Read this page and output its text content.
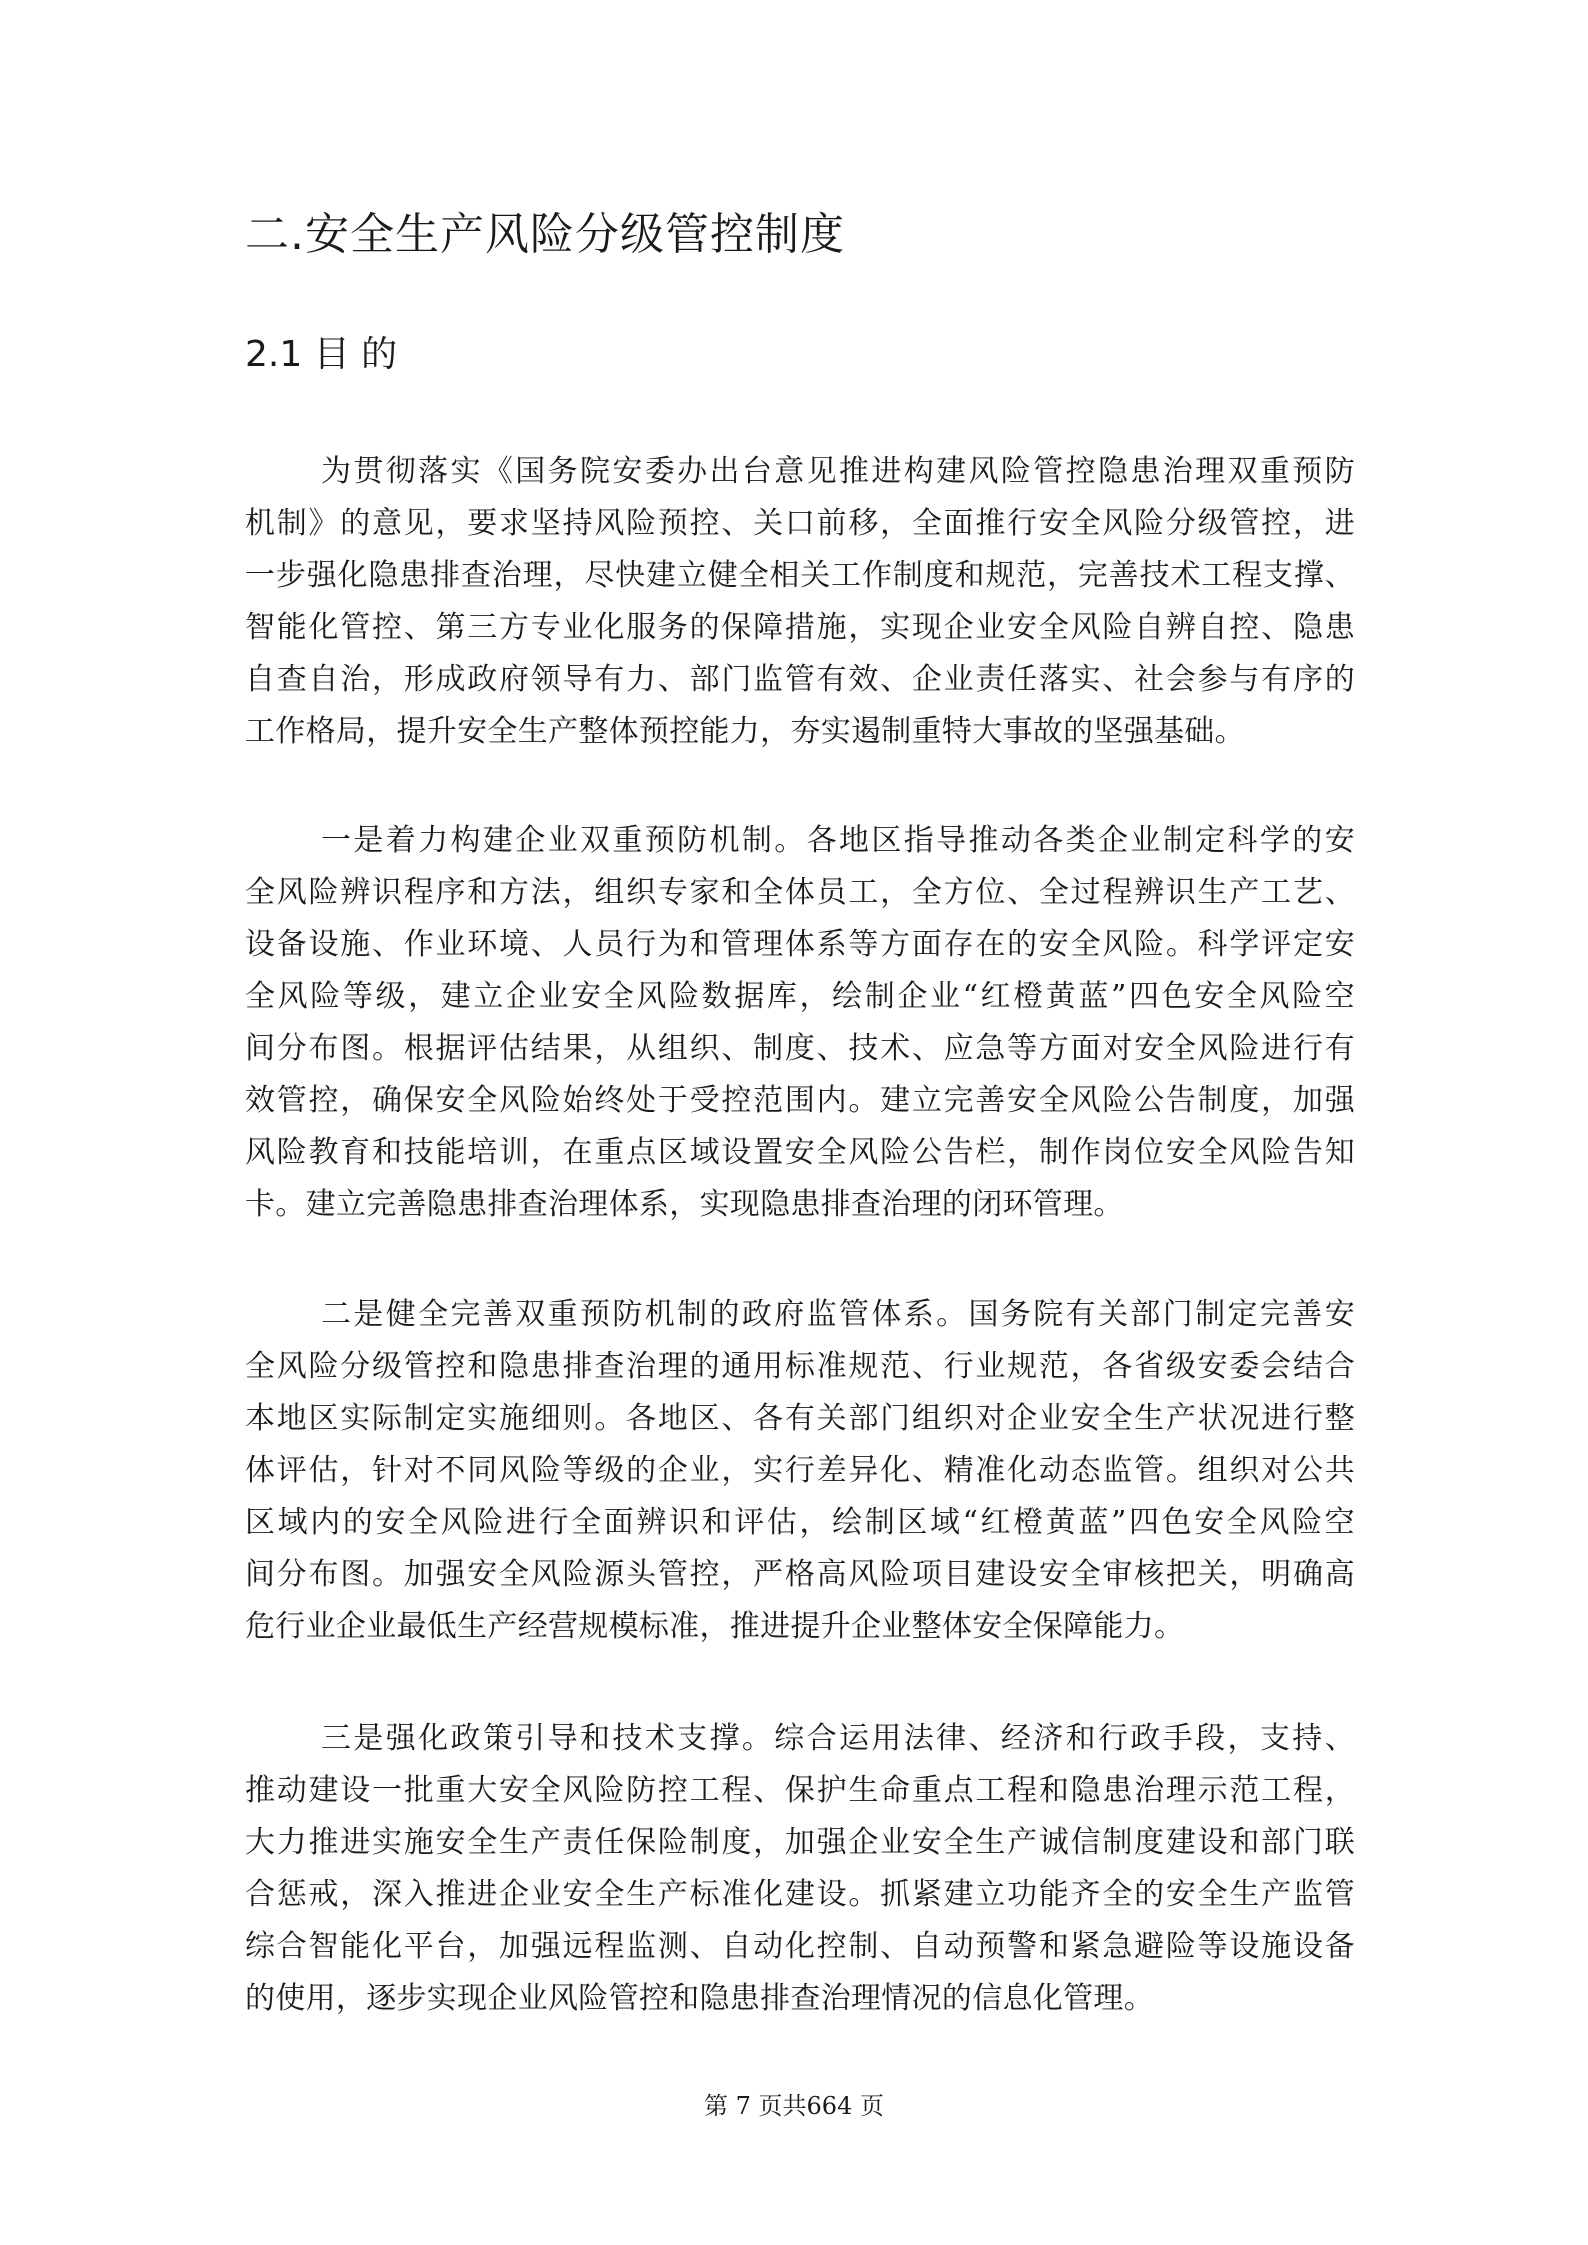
二.安全生产风险分级管控制度
2.1 目 的
为贯彻落实《国务院安委办出台意见推进构建风险管控隐患治理双重预防
机制》的意见，要求坚持风险预控、关口前移，全面推行安全风险分级管控，进
一步强化隐患排查治理，尽快建立健全相关工作制度和规范，完善技术工程支撑、
智能化管控、第三方专业化服务的保障措施，实现企业安全风险自辨自控、隐患
自查自治，形成政府领导有力、部门监管有效、企业责任落实、社会参与有序的
工作格局，提升安全生产整体预控能力，夯实遏制重特大事故的坚强基础。
一是着力构建企业双重预防机制。各地区指导推动各类企业制定科学的安
全风险辨识程序和方法，组织专家和全体员工，全方位、全过程辨识生产工艺、
设备设施、作业环境、人员行为和管理体系等方面存在的安全风险。科学评定安
全风险等级，建立企业安全风险数据库，绘制企业“红橙黄蓝”四色安全风险空
间分布图。根据评估结果，从组织、制度、技术、应急等方面对安全风险进行有
效管控，确保安全风险始终处于受控范围内。建立完善安全风险公告制度，加强
风险教育和技能培训，在重点区域设置安全风险公告栏，制作岗位安全风险告知
卡。建立完善隐患排查治理体系，实现隐患排查治理的闭环管理。
二是健全完善双重预防机制的政府监管体系。国务院有关部门制定完善安
全风险分级管控和隐患排查治理的通用标准规范、行业规范，各省级安委会结合
本地区实际制定实施细则。各地区、各有关部门组织对企业安全生产状况进行整
体评估，针对不同风险等级的企业，实行差异化、精准化动态监管。组织对公共
区域内的安全风险进行全面辨识和评估，绘制区域“红橙黄蓝”四色安全风险空
间分布图。加强安全风险源头管控，严格高风险项目建设安全审核把关，明确高
危行业企业最低生产经营规模标准，推进提升企业整体安全保障能力。
三是强化政策引导和技术支撑。综合运用法律、经济和行政手段，支持、
推动建设一批重大安全风险防控工程、保护生命重点工程和隐患治理示范工程，
大力推进实施安全生产责任保险制度，加强企业安全生产诚信制度建设和部门联
合惩戒，深入推进企业安全生产标准化建设。抓紧建立功能齐全的安全生产监管
综合智能化平台，加强远程监测、自动化控制、自动预警和紧急避险等设施设备
的使用，逐步实现企业风险管控和隐患排查治理情况的信息化管理。
第 7 页共664 页
